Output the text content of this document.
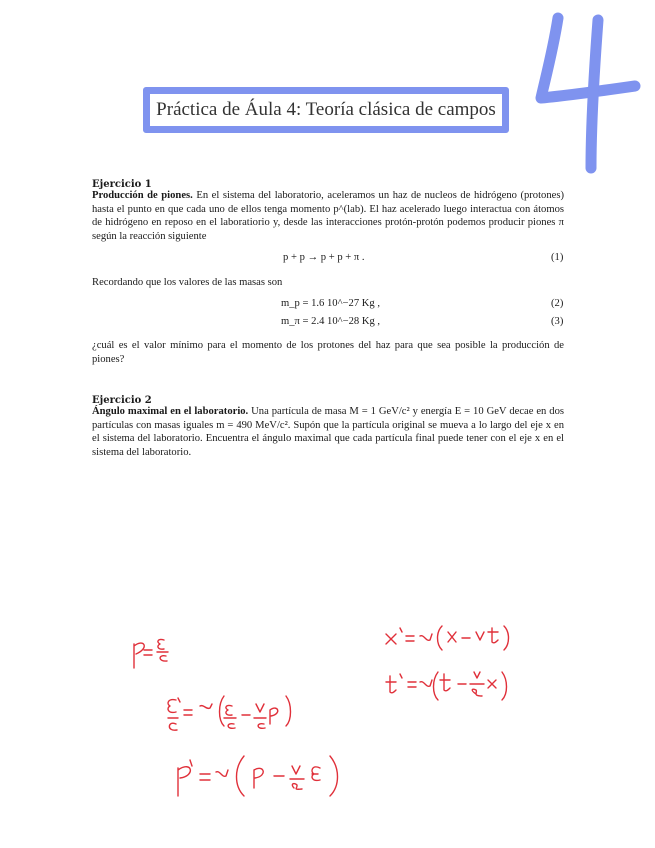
Práctica de Áula 4: Teoría clásica de campos
Ejercicio 1
Producción de piones. En el sistema del laboratorio, aceleramos un haz de nucleos de hidrógeno (protones) hasta el punto en que cada uno de ellos tenga momento p^(lab). El haz acelerado luego interactua con átomos de hidrógeno en reposo en el laboratiorio y, desde las interacciones protón-protón podemos producir piones π según la reacción siguiente
p + p → p + p + π .	(1)
Recordando que los valores de las masas son
m_p = 1.6 10^−27 Kg ,	(2)
m_π = 2.4 10^−28 Kg ,	(3)
¿cuál es el valor mínimo para el momento de los protones del haz para que sea posible la producción de piones?
Ejercicio 2
Ángulo maximal en el laboratorio. Una partícula de masa M = 1 GeV/c² y energía E = 10 GeV decae en dos partículas con masas iguales m = 490 MeV/c². Supón que la partícula original se mueva a lo largo del eje x en el sistema del laboratorio. Encuentra el ángulo maximal que cada partícula final puede tener con el eje x en el sistema del laboratorio.
